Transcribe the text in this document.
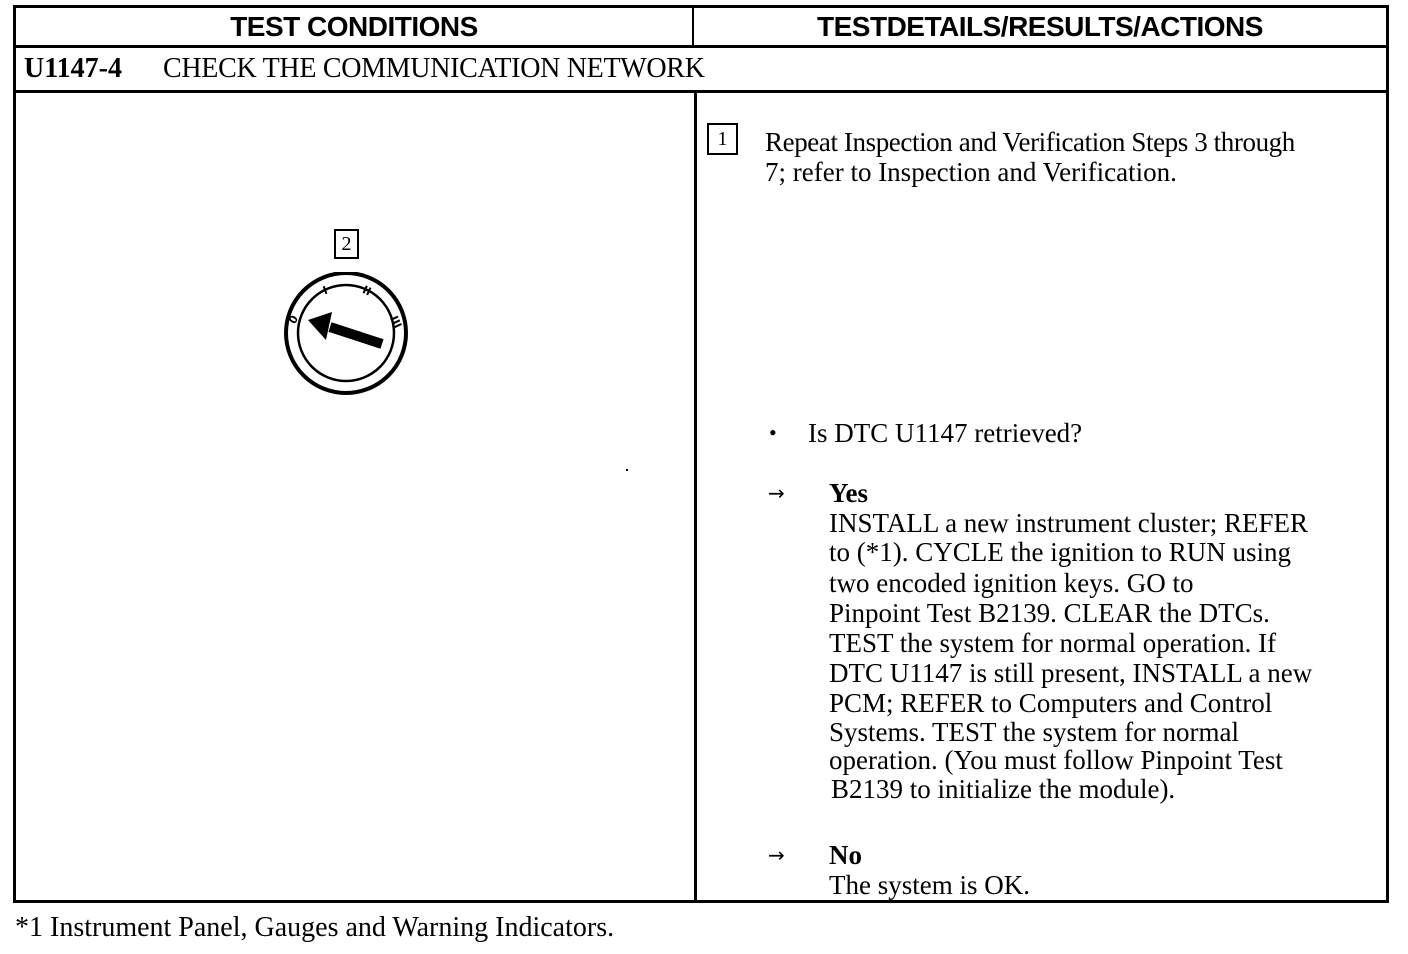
TEST CONDITIONS	TESTDETAILS/RESULTS/ACTIONS
U1147-4 CHECK THE COMMUNICATION NETWORK
2
0
I	II
III
1 Repeat Inspection and Verification Steps 3 through
7; refer to Inspection and Verification.
• Is DTC U1147 retrieved?
→ Yes
INSTALL a new instrument cluster; REFER
to (*1). CYCLE the ignition to RUN using
two encoded ignition keys. GO to
Pinpoint Test B2139. CLEAR the DTCs.
TEST the system for normal operation. If
DTC U1147 is still present, INSTALL a new
PCM; REFER to Computers and Control
Systems. TEST the system for normal
operation. (You must follow Pinpoint Test
B2139 to initialize the module).
→ No
The system is OK.
*1 Instrument Panel, Gauges and Warning Indicators.
